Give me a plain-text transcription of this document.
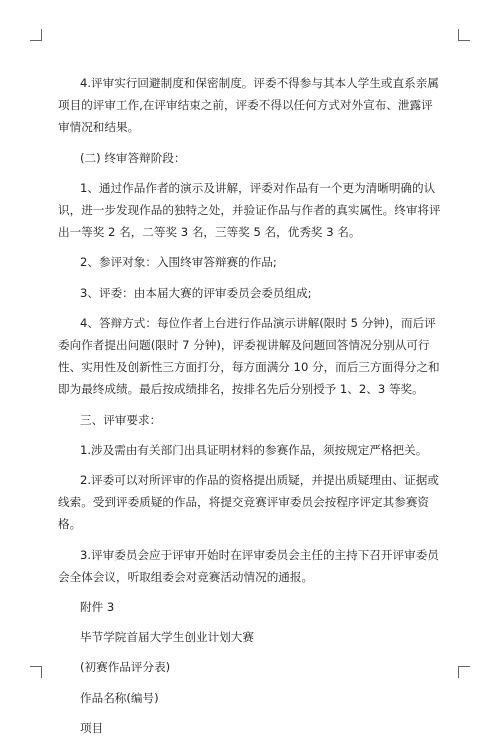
4.评审实行回避制度和保密制度。评委不得参与其本人学生或直系亲属项目的评审工作,在评审结束之前，评委不得以任何方式对外宣布、泄露评审情况和结果。

(二) 终审答辩阶段：

1、通过作品作者的演示及讲解，评委对作品有一个更为清晰明确的认识，进一步发现作品的独特之处，并验证作品与作者的真实属性。终审将评出一等奖 2 名，二等奖 3 名，三等奖 5 名，优秀奖 3 名。

2、参评对象：入围终审答辩赛的作品;

3、评委：由本届大赛的评审委员会委员组成;

4、答辩方式：每位作者上台进行作品演示讲解(限时 5 分钟)，而后评委向作者提出问题(限时 7 分钟)，评委视讲解及问题回答情况分别从可行性、实用性及创新性三方面打分，每方面满分 10 分，而后三方面得分之和即为最终成绩。最后按成绩排名，按排名先后分别授予 1、2、3 等奖。

三、评审要求：

1.涉及需由有关部门出具证明材料的参赛作品，须按规定严格把关。

2.评委可以对所评审的作品的资格提出质疑，并提出质疑理由、证据或线索。受到评委质疑的作品，将提交竞赛评审委员会按程序评定其参赛资格。

3.评审委员会应于评审开始时在评审委员会主任的主持下召开评审委员会全体会议，听取组委会对竞赛活动情况的通报。

附件 3

毕节学院首届大学生创业计划大赛

(初赛作品评分表)

作品名称(编号)

项目
